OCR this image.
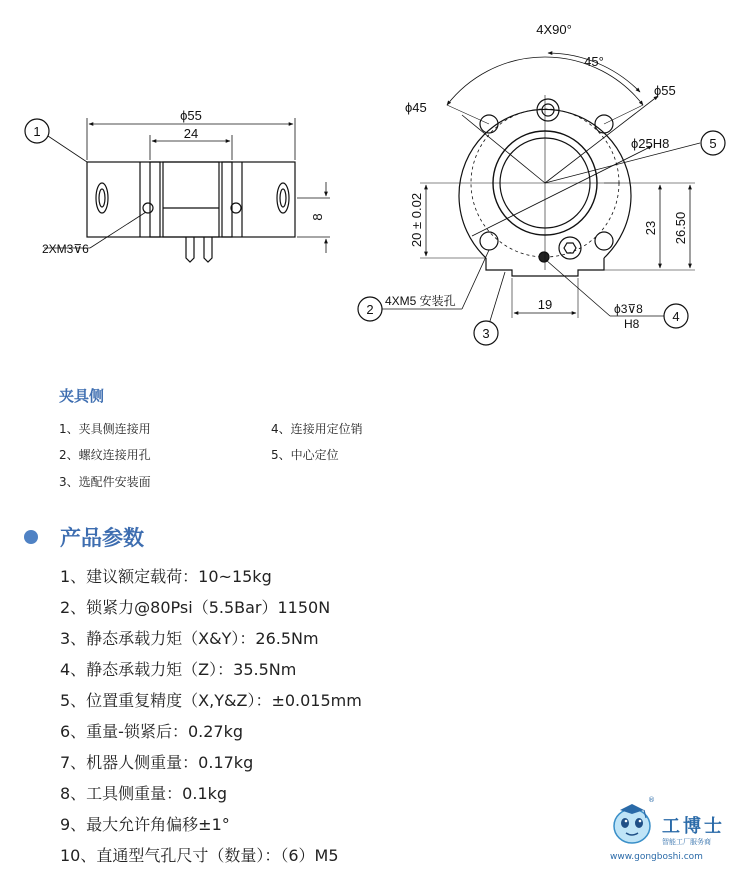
ϕ55
24
8
2XM3⊽6
1
4X90°
45°
ϕ45
ϕ55
ϕ25H8	5
20 ± 0.02	23 26.50
19
2
4XM5 安装孔
3
ϕ3⊽8
H8	4
夹具侧
1、夹具侧连接用
2、螺纹连接用孔
3、选配件安装面
4、连接用定位销
5、中心定位
产品参数
1、建议额定载荷：10~15kg
2、锁紧力@80Psi（5.5Bar）1150N
3、静态承载力矩（X&Y）：26.5Nm
4、静态承载力矩（Z）：35.5Nm
5、位置重复精度（X,Y&Z）：±0.015mm
6、重量-锁紧后：0.27kg
7、机器人侧重量：0.17kg
8、工具侧重量：0.1kg
9、最大允许角偏移±1°
10、直通型气孔尺寸（数量）：（6）M5
®
工博士
智能工厂服务商
www.gongboshi.com
